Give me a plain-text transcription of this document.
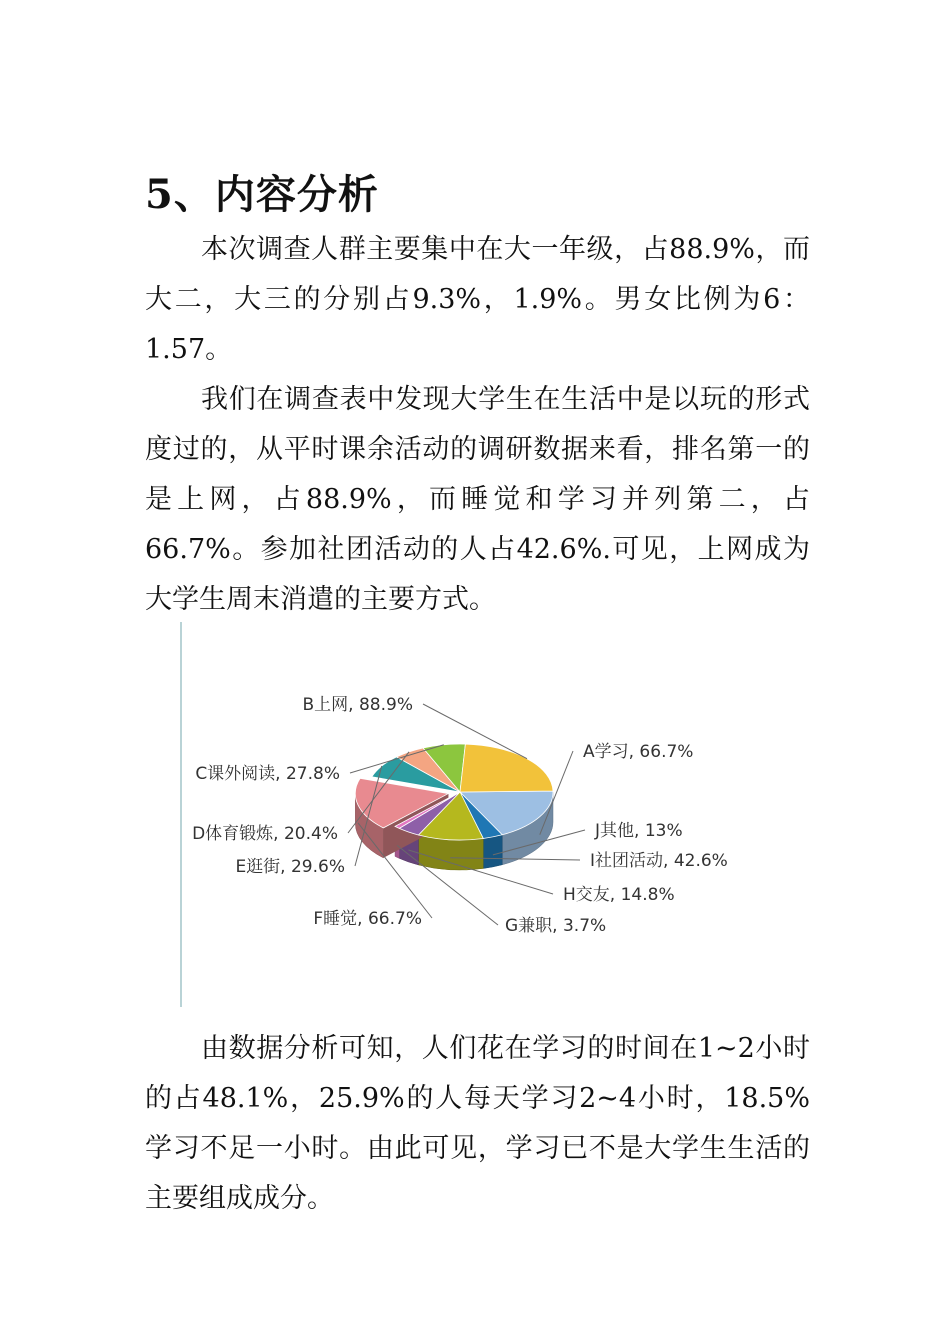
5、内容分析

本次调查人群主要集中在大一年级，占88.9%，而大二，大三的分别占9.3%，1.9%。男女比例为6：1.57。

我们在调查表中发现大学生在生活中是以玩的形式度过的，从平时课余活动的调研数据来看，排名第一的是上网，占88.9%，而睡觉和学习并列第二，占66.7%。参加社团活动的人占42.6%.可见，上网成为大学生周末消遣的主要方式。

A学习, 66.7%
J其他, 13%
I社团活动, 42.6%
H交友, 14.8%
G兼职, 3.7%
F睡觉, 66.7%
E逛街, 29.6%
D体育锻炼, 20.4%
C课外阅读, 27.8%
B上网, 88.9%

由数据分析可知，人们花在学习的时间在1~2小时的占48.1%，25.9%的人每天学习2~4小时，18.5%学习不足一小时。由此可见，学习已不是大学生生活的主要组成成分。
